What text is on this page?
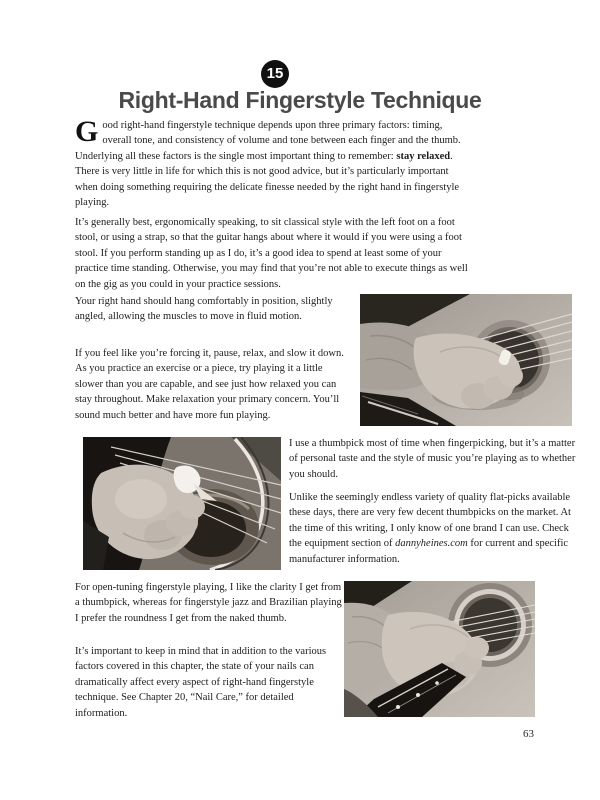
15
Right-Hand Fingerstyle Technique

Good right-hand fingerstyle technique depends upon three primary factors: timing, overall tone, and consistency of volume and tone between each finger and the thumb. Underlying all these factors is the single most important thing to remember: stay relaxed. There is very little in life for which this is not good advice, but it’s particularly important when doing something requiring the delicate finesse needed by the right hand in fingerstyle playing.

It’s generally best, ergonomically speaking, to sit classical style with the left foot on a foot stool, or using a strap, so that the guitar hangs about where it would if you were using a foot stool. If you perform standing up as I do, it’s a good idea to spend at least some of your practice time standing. Otherwise, you may find that you’re not able to execute things as well on the gig as you could in your practice sessions.

Your right hand should hang comfortably in position, slightly angled, allowing the muscles to move in fluid motion.

If you feel like you’re forcing it, pause, relax, and slow it down. As you practice an exercise or a piece, try playing it a little slower than you are capable, and see just how relaxed you can stay throughout. Make relaxation your primary concern. You’ll sound much better and have more fun playing.

I use a thumbpick most of time when fingerpicking, but it’s a matter of personal taste and the style of music you’re playing as to whether you should.

Unlike the seemingly endless variety of quality flat-picks available these days, there are very few decent thumbpicks on the market. At the time of this writing, I only know of one brand I can use. Check the equipment section of dannyheines.com for current and specific manufacturer information.

For open-tuning fingerstyle playing, I like the clarity I get from a thumbpick, whereas for fingerstyle jazz and Brazilian playing I prefer the roundness I get from the naked thumb.

It’s important to keep in mind that in addition to the various factors covered in this chapter, the state of your nails can dramatically affect every aspect of right-hand fingerstyle technique. See Chapter 20, “Nail Care,” for detailed information.

63
